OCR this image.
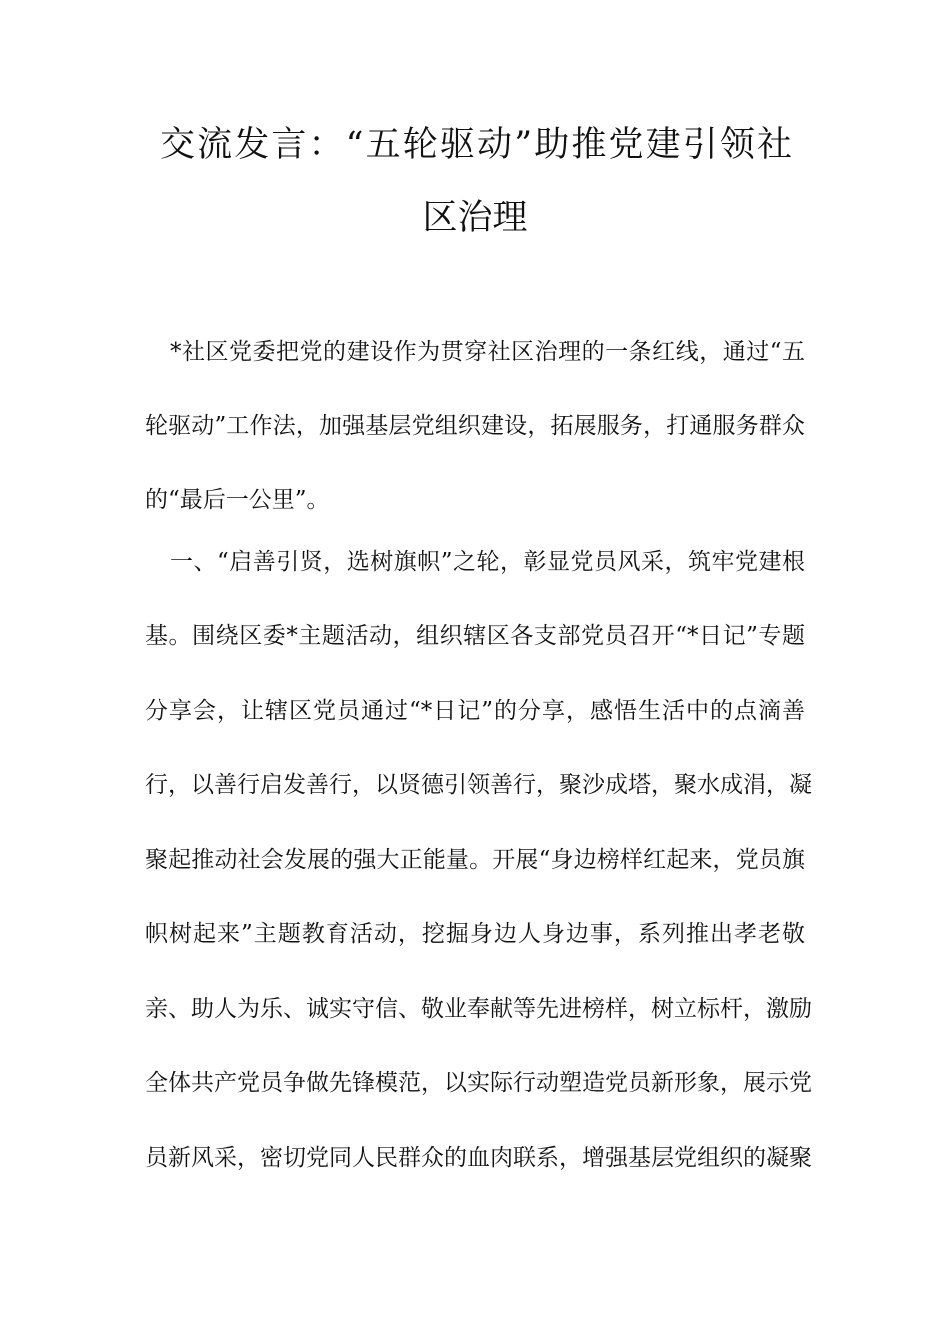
交流发言：“五轮驱动”助推党建引领社
区治理
*社区党委把党的建设作为贯穿社区治理的一条红线，通过“五
轮驱动”工作法，加强基层党组织建设，拓展服务，打通服务群众
的“最后一公里”。
一、“启善引贤，选树旗帜”之轮，彰显党员风采，筑牢党建根
基。围绕区委*主题活动，组织辖区各支部党员召开“*日记”专题
分享会，让辖区党员通过“*日记”的分享，感悟生活中的点滴善
行，以善行启发善行，以贤德引领善行，聚沙成塔，聚水成涓，凝
聚起推动社会发展的强大正能量。开展“身边榜样红起来，党员旗
帜树起来”主题教育活动，挖掘身边人身边事，系列推出孝老敬
亲、助人为乐、诚实守信、敬业奉献等先进榜样，树立标杆，激励
全体共产党员争做先锋模范，以实际行动塑造党员新形象，展示党
员新风采，密切党同人民群众的血肉联系，增强基层党组织的凝聚
